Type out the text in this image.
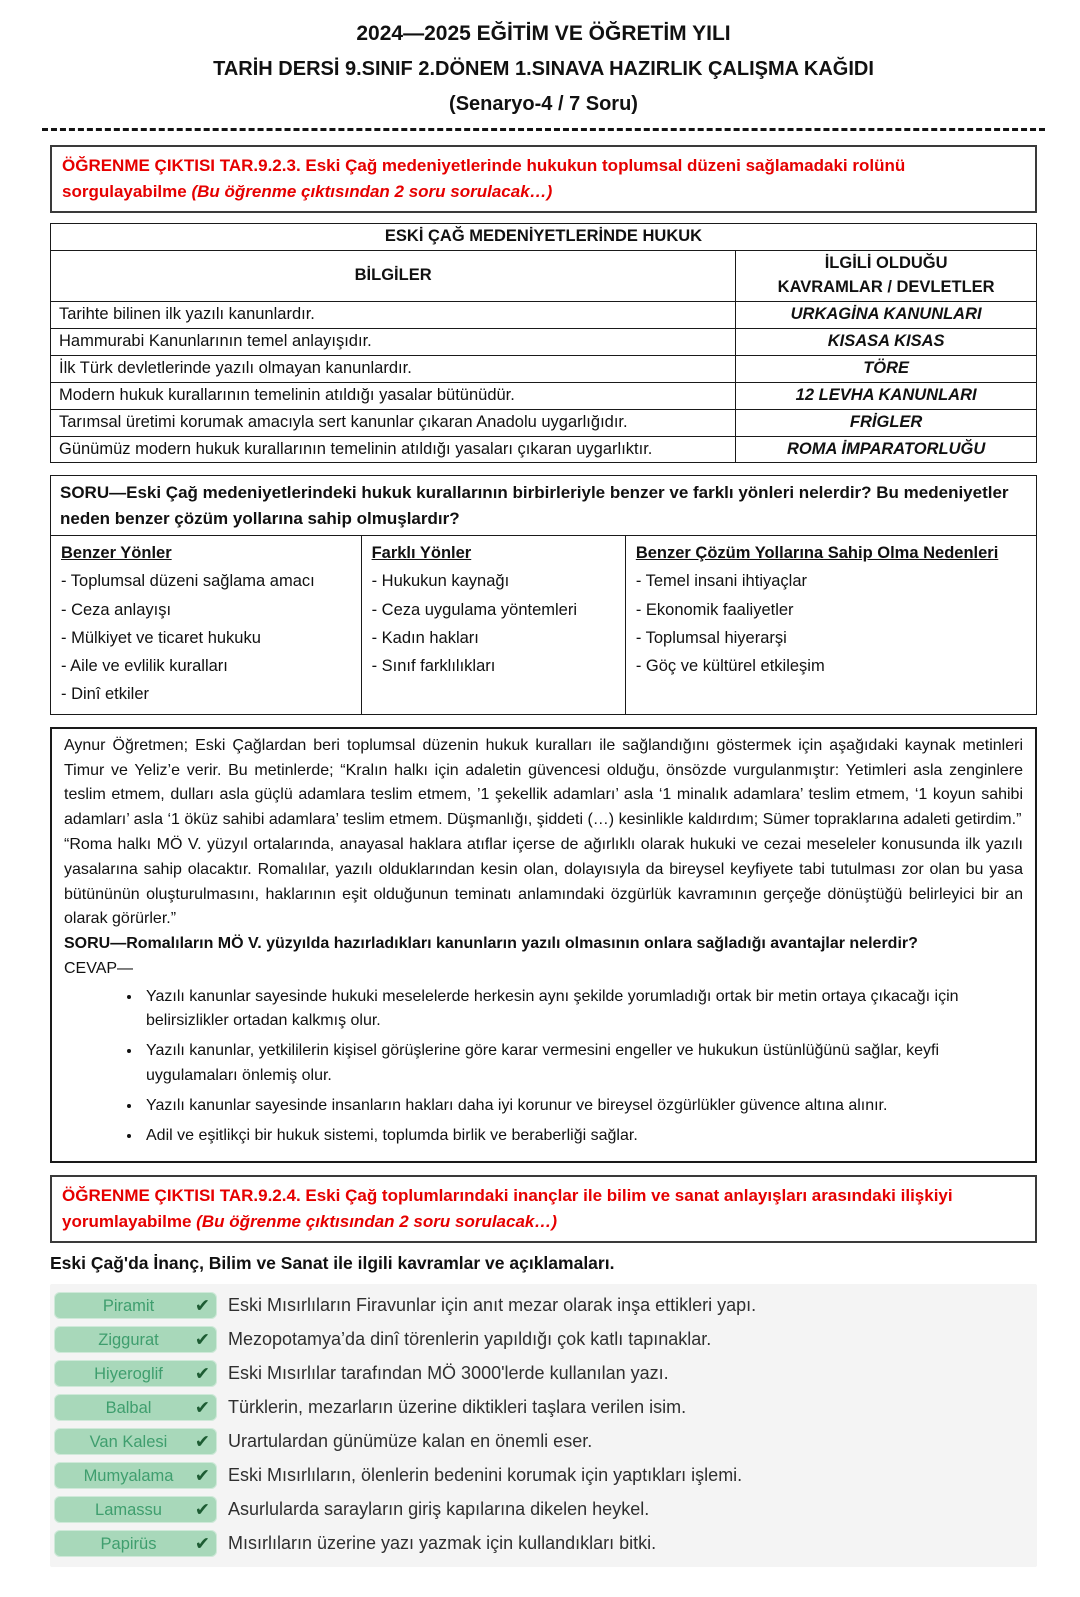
2024—2025 EĞİTİM VE ÖĞRETİM YILI
TARİH DERSİ 9.SINIF 2.DÖNEM 1.SINAVA HAZIRLIK ÇALIŞMA KAĞIDI
(Senaryo-4 / 7 Soru)
ÖĞRENME ÇIKTISI TAR.9.2.3. Eski Çağ medeniyetlerinde hukukun toplumsal düzeni sağlamadaki rolünü sorgulayabilme (Bu öğrenme çıktısından 2 soru sorulacak…)
ESKİ ÇAĞ MEDENİYETLERİNDE HUKUK	
BİLGİLER	İLGİLİ OLDUĞU
KAVRAMLAR / DEVLETLER

Tarihte bilinen ilk yazılı kanunlardır.	URKAGİNA KANUNLARI
Hammurabi Kanunlarının temel anlayışıdır.	KISASA KISAS
İlk Türk devletlerinde yazılı olmayan kanunlardır.	TÖRE
Modern hukuk kurallarının temelinin atıldığı yasalar bütünüdür.	12 LEVHA KANUNLARI
Tarımsal üretimi korumak amacıyla sert kanunlar çıkaran Anadolu uygarlığıdır.	FRİGLER
Günümüz modern hukuk kurallarının temelinin atıldığı yasaları çıkaran uygarlıktır.	ROMA İMPARATORLUĞU
SORU—Eski Çağ medeniyetlerindeki hukuk kurallarının birbirleriyle benzer ve farklı yönleri nelerdir? Bu medeniyetler neden benzer çözüm yollarına sahip olmuşlardır?

Benzer Yönler
- Toplumsal düzeni sağlama amacı
- Ceza anlayışı
- Mülkiyet ve ticaret hukuku
- Aile ve evlilik kuralları
- Dinî etkiler

Farklı Yönler
- Hukukun kaynağı
- Ceza uygulama yöntemleri
- Kadın hakları
- Sınıf farklılıkları

Benzer Çözüm Yollarına Sahip Olma Nedenleri
- Temel insani ihtiyaçlar
- Ekonomik faaliyetler
- Toplumsal hiyerarşi
- Göç ve kültürel etkileşim

Aynur Öğretmen; Eski Çağlardan beri toplumsal düzenin hukuk kuralları ile sağlandığını göstermek için aşağıdaki kaynak metinleri Timur ve Yeliz’e verir. Bu metinlerde; “Kralın halkı için adaletin güvencesi olduğu, önsözde vurgulanmıştır: Yetimleri asla zenginlere teslim etmem, dulları asla güçlü adamlara teslim etmem, ’1 şekellik adamları’ asla ‘1 minalık adamlara’ teslim etmem, ‘1 koyun sahibi adamları’ asla ‘1 öküz sahibi adamlara’ teslim etmem. Düşmanlığı, şiddeti (…) kesinlikle kaldırdım; Sümer topraklarına adaleti getirdim.”

“Roma halkı MÖ V. yüzyıl ortalarında, anayasal haklara atıflar içerse de ağırlıklı olarak hukuki ve cezai meseleler konusunda ilk yazılı yasalarına sahip olacaktır. Romalılar, yazılı olduklarından kesin olan, dolayısıyla da bireysel keyfiyete tabi tutulması zor olan bu yasa bütününün oluşturulmasını, haklarının eşit olduğunun teminatı anlamındaki özgürlük kavramının gerçeğe dönüştüğü belirleyici bir an olarak görürler.”

SORU—Romalıların MÖ V. yüzyılda hazırladıkları kanunların yazılı olmasının onlara sağladığı avantajlar nelerdir?

CEVAP—

• Yazılı kanunlar sayesinde hukuki meselelerde herkesin aynı şekilde yorumladığı ortak bir metin ortaya çıkacağı için belirsizlikler ortadan kalkmış olur.
• Yazılı kanunlar, yetkililerin kişisel görüşlerine göre karar vermesini engeller ve hukukun üstünlüğünü sağlar, keyfi uygulamaları önlemiş olur.
• Yazılı kanunlar sayesinde insanların hakları daha iyi korunur ve bireysel özgürlükler güvence altına alınır.
• Adil ve eşitlikçi bir hukuk sistemi, toplumda birlik ve beraberliği sağlar.
ÖĞRENME ÇIKTISI TAR.9.2.4. Eski Çağ toplumlarındaki inançlar ile bilim ve sanat anlayışları arasındaki ilişkiyi yorumlayabilme (Bu öğrenme çıktısından 2 soru sorulacak…)
Eski Çağ'da İnanç, Bilim ve Sanat ile ilgili kavramlar ve açıklamaları.
Piramit	✔ Eski Mısırlıların Firavunlar için anıt mezar olarak inşa ettikleri yapı.
Ziggurat	✔ Mezopotamya’da dinî törenlerin yapıldığı çok katlı tapınaklar.
Hiyeroglif	✔ Eski Mısırlılar tarafından MÖ 3000'lerde kullanılan yazı.
Balbal	✔ Türklerin, mezarların üzerine diktikleri taşlara verilen isim.
Van Kalesi	✔ Urartulardan günümüze kalan en önemli eser.
Mumyalama	✔ Eski Mısırlıların, ölenlerin bedenini korumak için yaptıkları işlemi.
Lamassu	✔ Asurlularda sarayların giriş kapılarına dikelen heykel.
Papirüs	✔ Mısırlıların üzerine yazı yazmak için kullandıkları bitki.
